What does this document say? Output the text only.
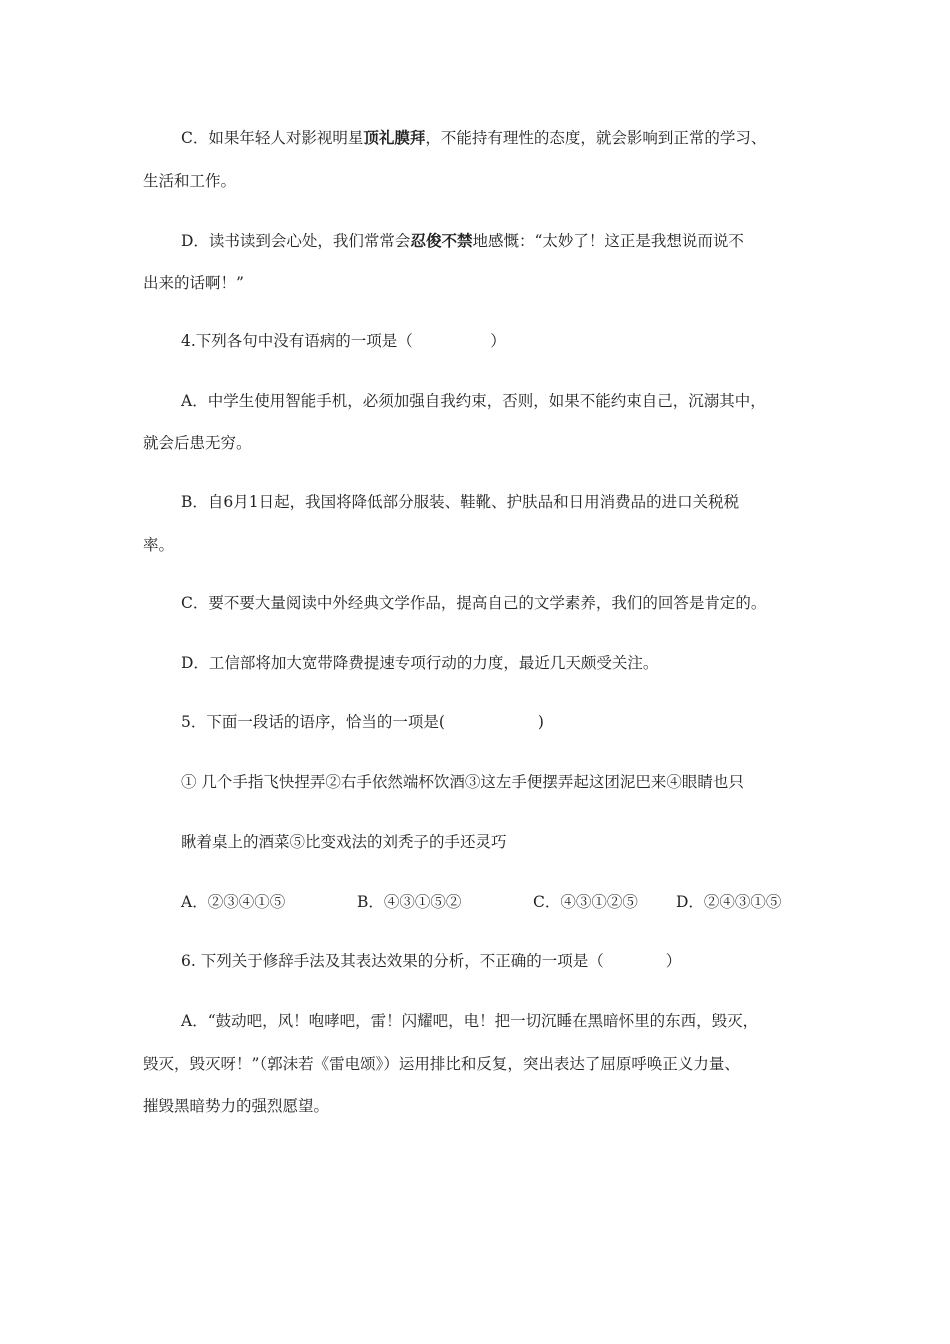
C．如果年轻人对影视明星顶礼膜拜，不能持有理性的态度，就会影响到正常的学习、
生活和工作。
D．读书读到会心处，我们常常会忍俊不禁地感慨：“太妙了！这正是我想说而说不
出来的话啊！”
4.下列各句中没有语病的一项是（　　　　　）
A．中学生使用智能手机，必须加强自我约束，否则，如果不能约束自己，沉溺其中，
就会后患无穷。
B．自6月1日起，我国将降低部分服装、鞋靴、护肤品和日用消费品的进口关税税
率。
C．要不要大量阅读中外经典文学作品，提高自己的文学素养，我们的回答是肯定的。
D．工信部将加大宽带降费提速专项行动的力度，最近几天颇受关注。
5．下面一段话的语序，恰当的一项是(　　　　　　)
① 几个手指飞快捏弄②右手依然端杯饮酒③这左手便摆弄起这团泥巴来④眼睛也只
瞅着桌上的酒菜⑤比变戏法的刘秃子的手还灵巧
A．②③④①⑤	B．④③①⑤②	C．④③①②⑤ D．②④③①⑤
6. 下列关于修辞手法及其表达效果的分析，不正确的一项是（　　　　）
A．“鼓动吧，风！咆哮吧，雷！闪耀吧，电！把一切沉睡在黑暗怀里的东西，毁灭，
毁灭，毁灭呀！”（郭沫若《雷电颂》）运用排比和反复，突出表达了屈原呼唤正义力量、
摧毁黑暗势力的强烈愿望。
